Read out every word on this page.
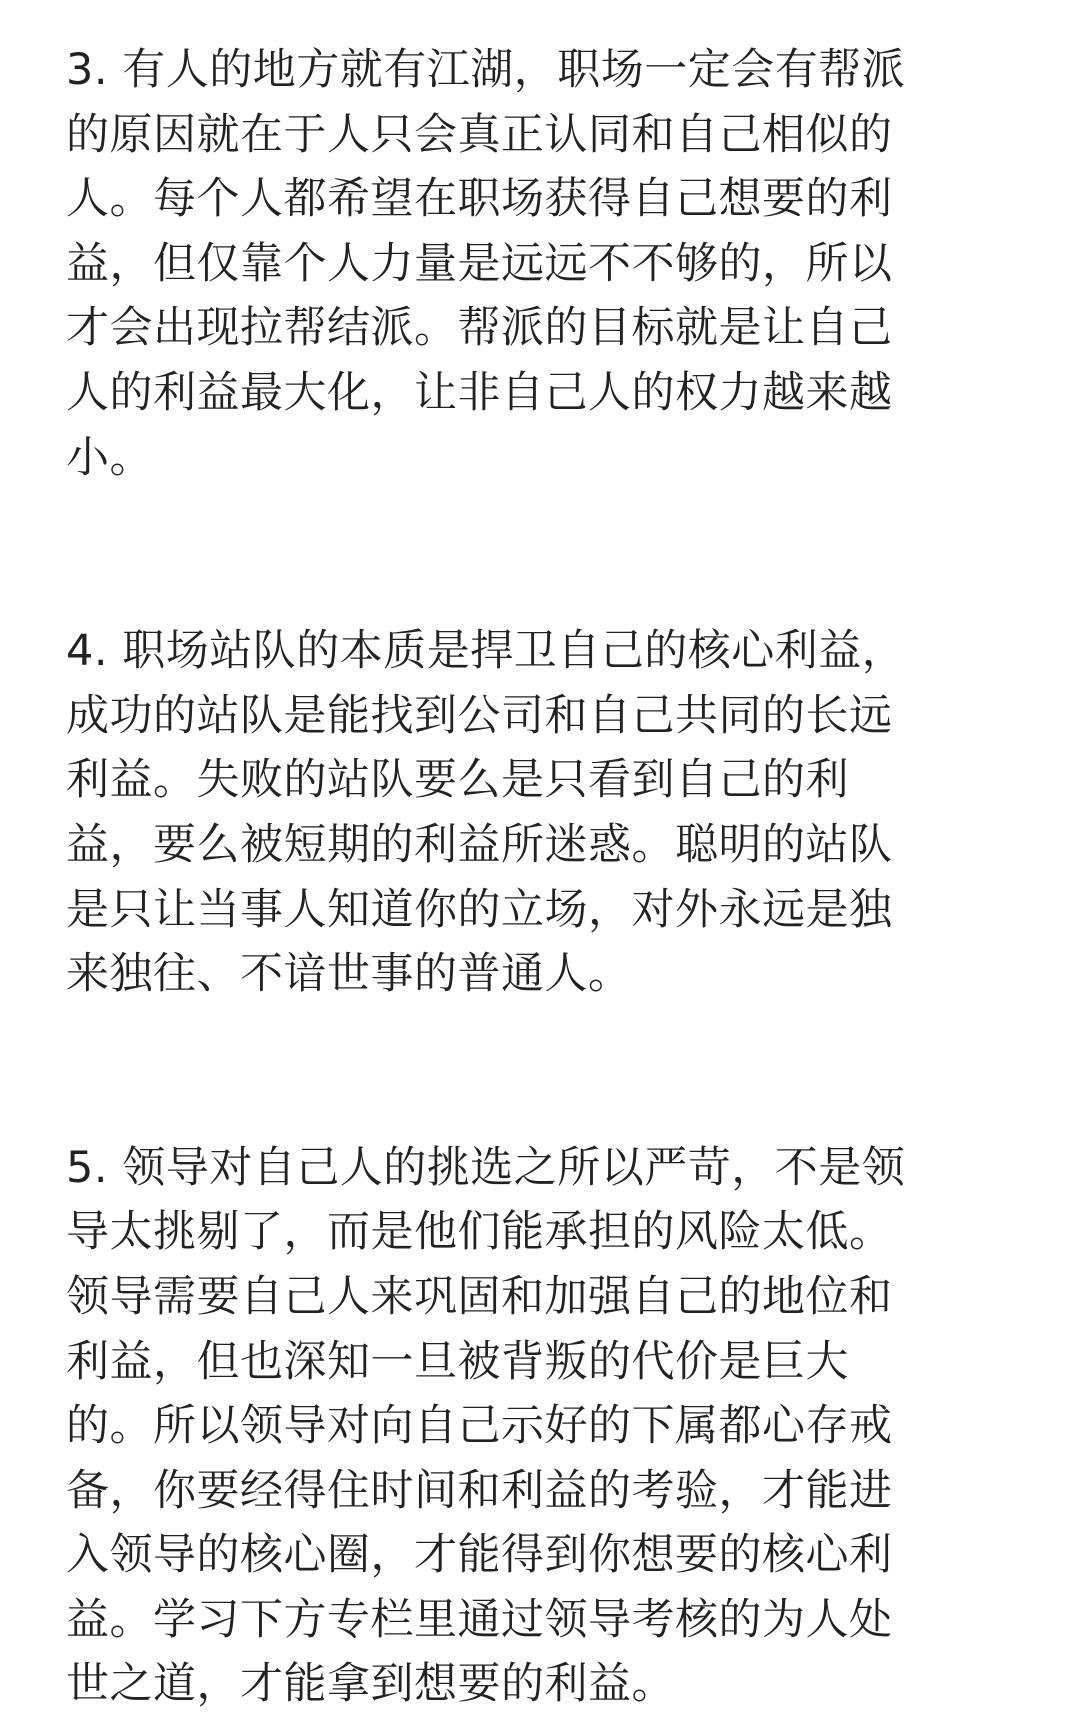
3. 有人的地方就有江湖，职场一定会有帮派
的原因就在于人只会真正认同和自己相似的
人。每个人都希望在职场获得自己想要的利
益，但仅靠个人力量是远远不不够的，所以
才会出现拉帮结派。帮派的目标就是让自己
人的利益最大化，让非自己人的权力越来越
小。
4. 职场站队的本质是捍卫自己的核心利益，
成功的站队是能找到公司和自己共同的长远
利益。失败的站队要么是只看到自己的利
益，要么被短期的利益所迷惑。聪明的站队
是只让当事人知道你的立场，对外永远是独
来独往、不谙世事的普通人。
5. 领导对自己人的挑选之所以严苛，不是领
导太挑剔了，而是他们能承担的风险太低。
领导需要自己人来巩固和加强自己的地位和
利益，但也深知一旦被背叛的代价是巨大
的。所以领导对向自己示好的下属都心存戒
备，你要经得住时间和利益的考验，才能进
入领导的核心圈，才能得到你想要的核心利
益。学习下方专栏里通过领导考核的为人处
世之道，才能拿到想要的利益。
